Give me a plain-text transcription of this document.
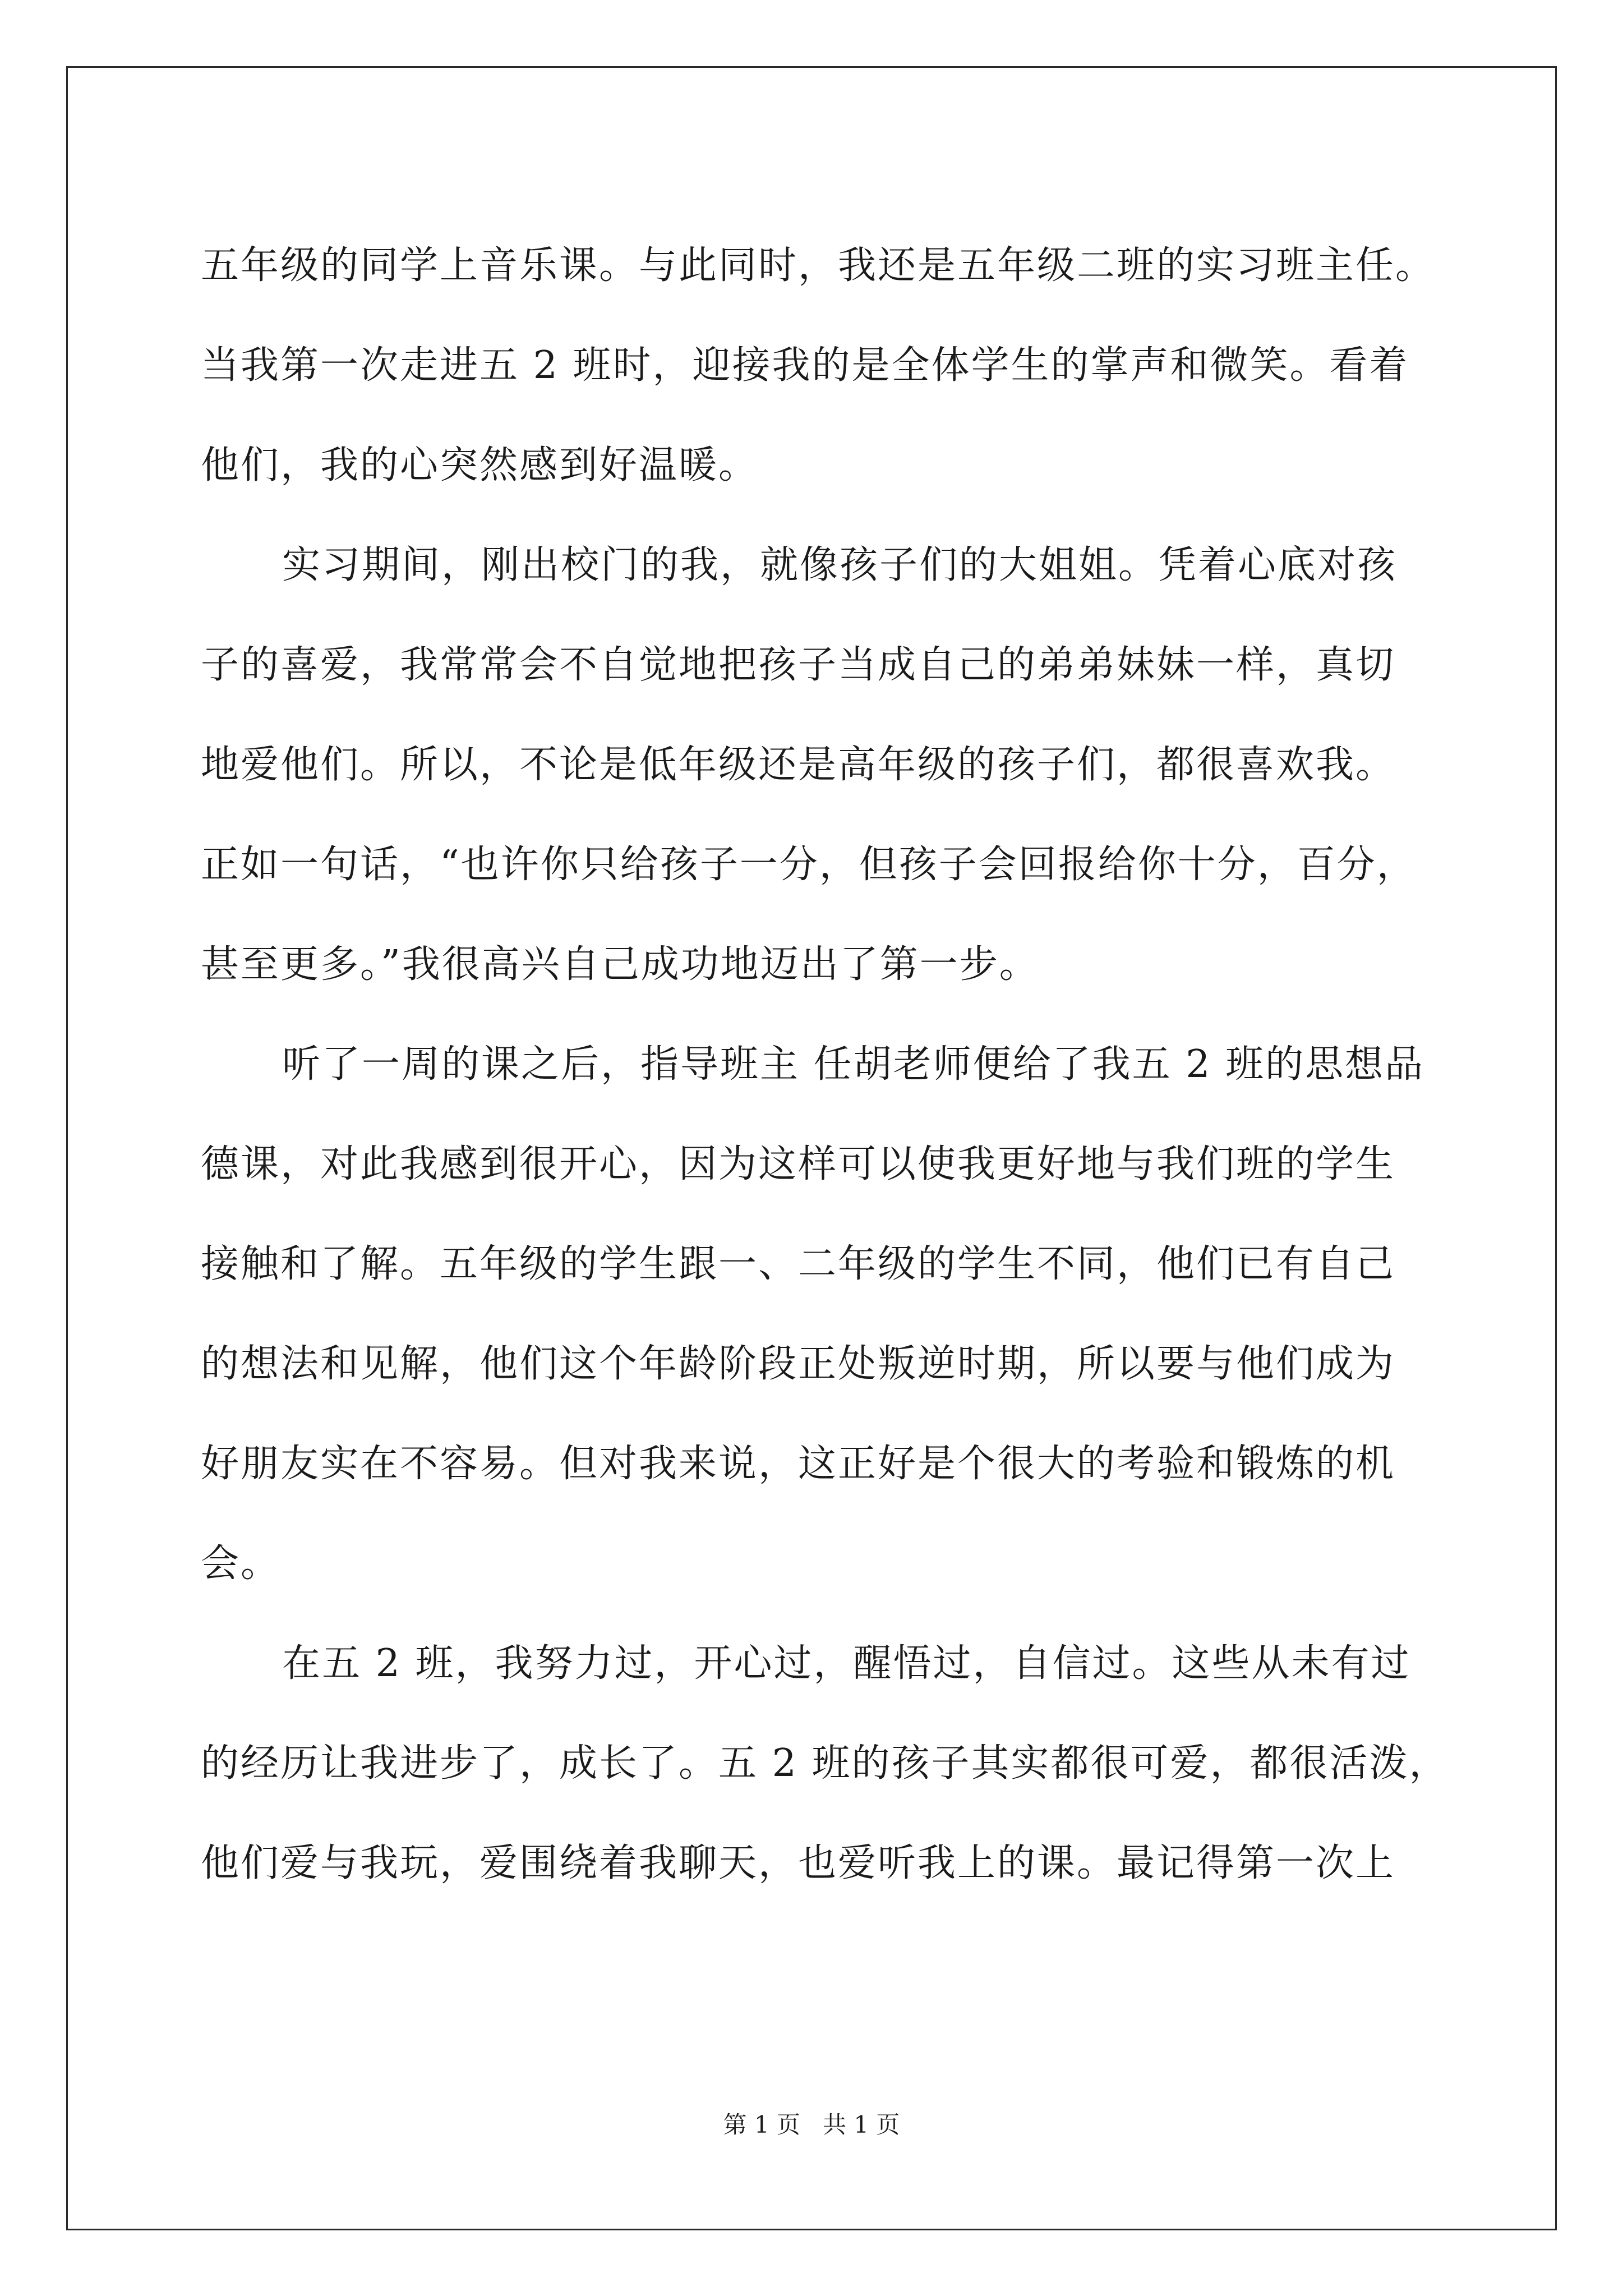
五年级的同学上音乐课。与此同时，我还是五年级二班的实习班主任。
当我第一次走进五 2 班时，迎接我的是全体学生的掌声和微笑。看着
他们，我的心突然感到好温暖。
实习期间，刚出校门的我，就像孩子们的大姐姐。凭着心底对孩
子的喜爱，我常常会不自觉地把孩子当成自己的弟弟妹妹一样，真切
地爱他们。所以，不论是低年级还是高年级的孩子们，都很喜欢我。
正如一句话，“也许你只给孩子一分，但孩子会回报给你十分，百分，
甚至更多。”我很高兴自己成功地迈出了第一步。
听了一周的课之后，指导班主 任胡老师便给了我五 2 班的思想品
德课，对此我感到很开心，因为这样可以使我更好地与我们班的学生
接触和了解。五年级的学生跟一、二年级的学生不同，他们已有自己
的想法和见解，他们这个年龄阶段正处叛逆时期，所以要与他们成为
好朋友实在不容易。但对我来说，这正好是个很大的考验和锻炼的机
会。
在五 2 班，我努力过，开心过，醒悟过，自信过。这些从未有过
的经历让我进步了，成长了。五 2 班的孩子其实都很可爱，都很活泼，
他们爱与我玩，爱围绕着我聊天，也爱听我上的课。最记得第一次上
第 1 页 共 1 页
